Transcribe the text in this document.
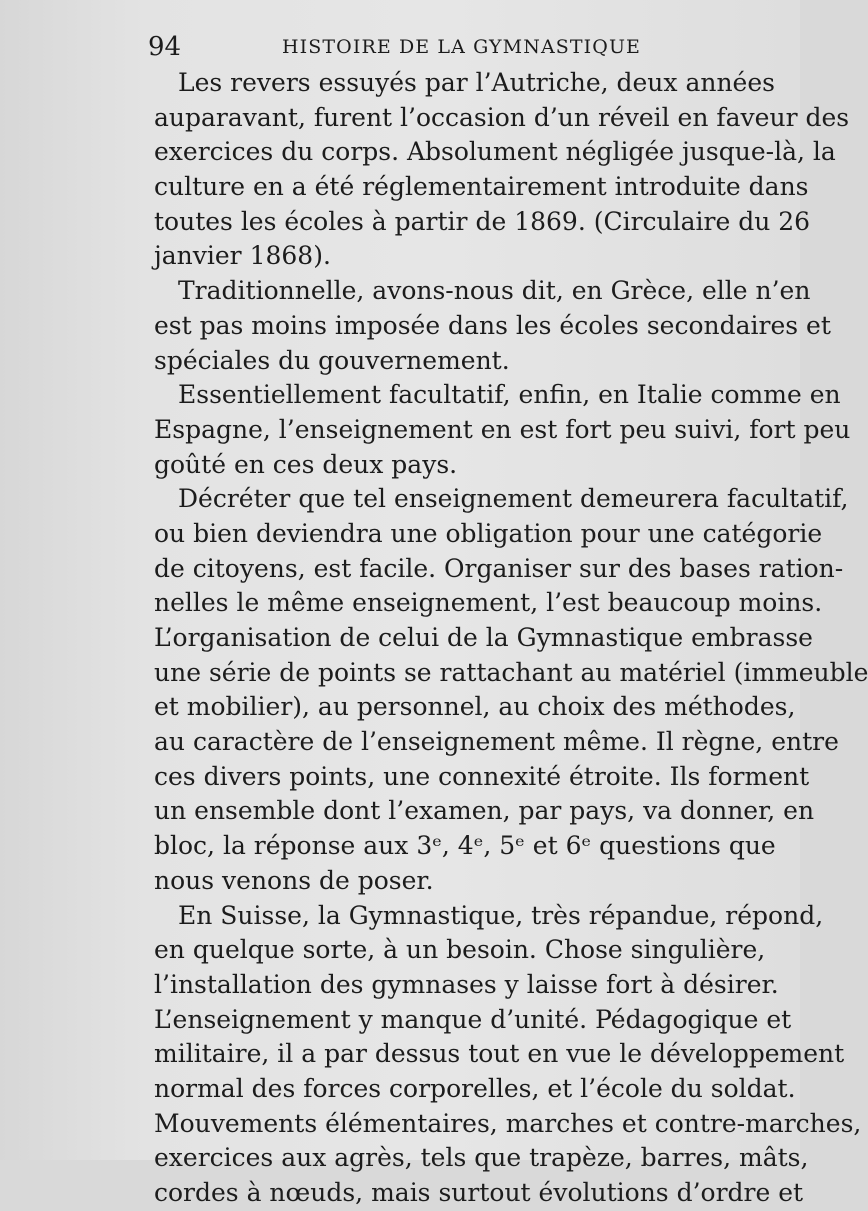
94	HISTOIRE DE LA GYMNASTIQUE
Les revers essuyés par l’Autriche, deux années
auparavant, furent l’occasion d’un réveil en faveur des
exercices du corps. Absolument négligée jusque-là, la
culture en a été réglementairement introduite dans
toutes les écoles à partir de 1869. (Circulaire du 26
janvier 1868).
Traditionnelle, avons-nous dit, en Grèce, elle n’en
est pas moins imposée dans les écoles secondaires et
spéciales du gouvernement.
Essentiellement facultatif, enfin, en Italie comme en
Espagne, l’enseignement en est fort peu suivi, fort peu
goûté en ces deux pays.
Décréter que tel enseignement demeurera facultatif,
ou bien deviendra une obligation pour une catégorie
de citoyens, est facile. Organiser sur des bases ration-
nelles le même enseignement, l’est beaucoup moins.
L’organisation de celui de la Gymnastique embrasse
une série de points se rattachant au matériel (immeuble
et mobilier), au personnel, au choix des méthodes,
au caractère de l’enseignement même. Il règne, entre
ces divers points, une connexité étroite. Ils forment
un ensemble dont l’examen, par pays, va donner, en
bloc, la réponse aux 3ᵉ, 4ᵉ, 5ᵉ et 6ᵉ questions que
nous venons de poser.
En Suisse, la Gymnastique, très répandue, répond,
en quelque sorte, à un besoin. Chose singulière,
l’installation des gymnases y laisse fort à désirer.
L’enseignement y manque d’unité. Pédagogique et
militaire, il a par dessus tout en vue le développement
normal des forces corporelles, et l’école du soldat.
Mouvements élémentaires, marches et contre-marches,
exercices aux agrès, tels que trapèze, barres, mâts,
cordes à nœuds, mais surtout évolutions d’ordre et
